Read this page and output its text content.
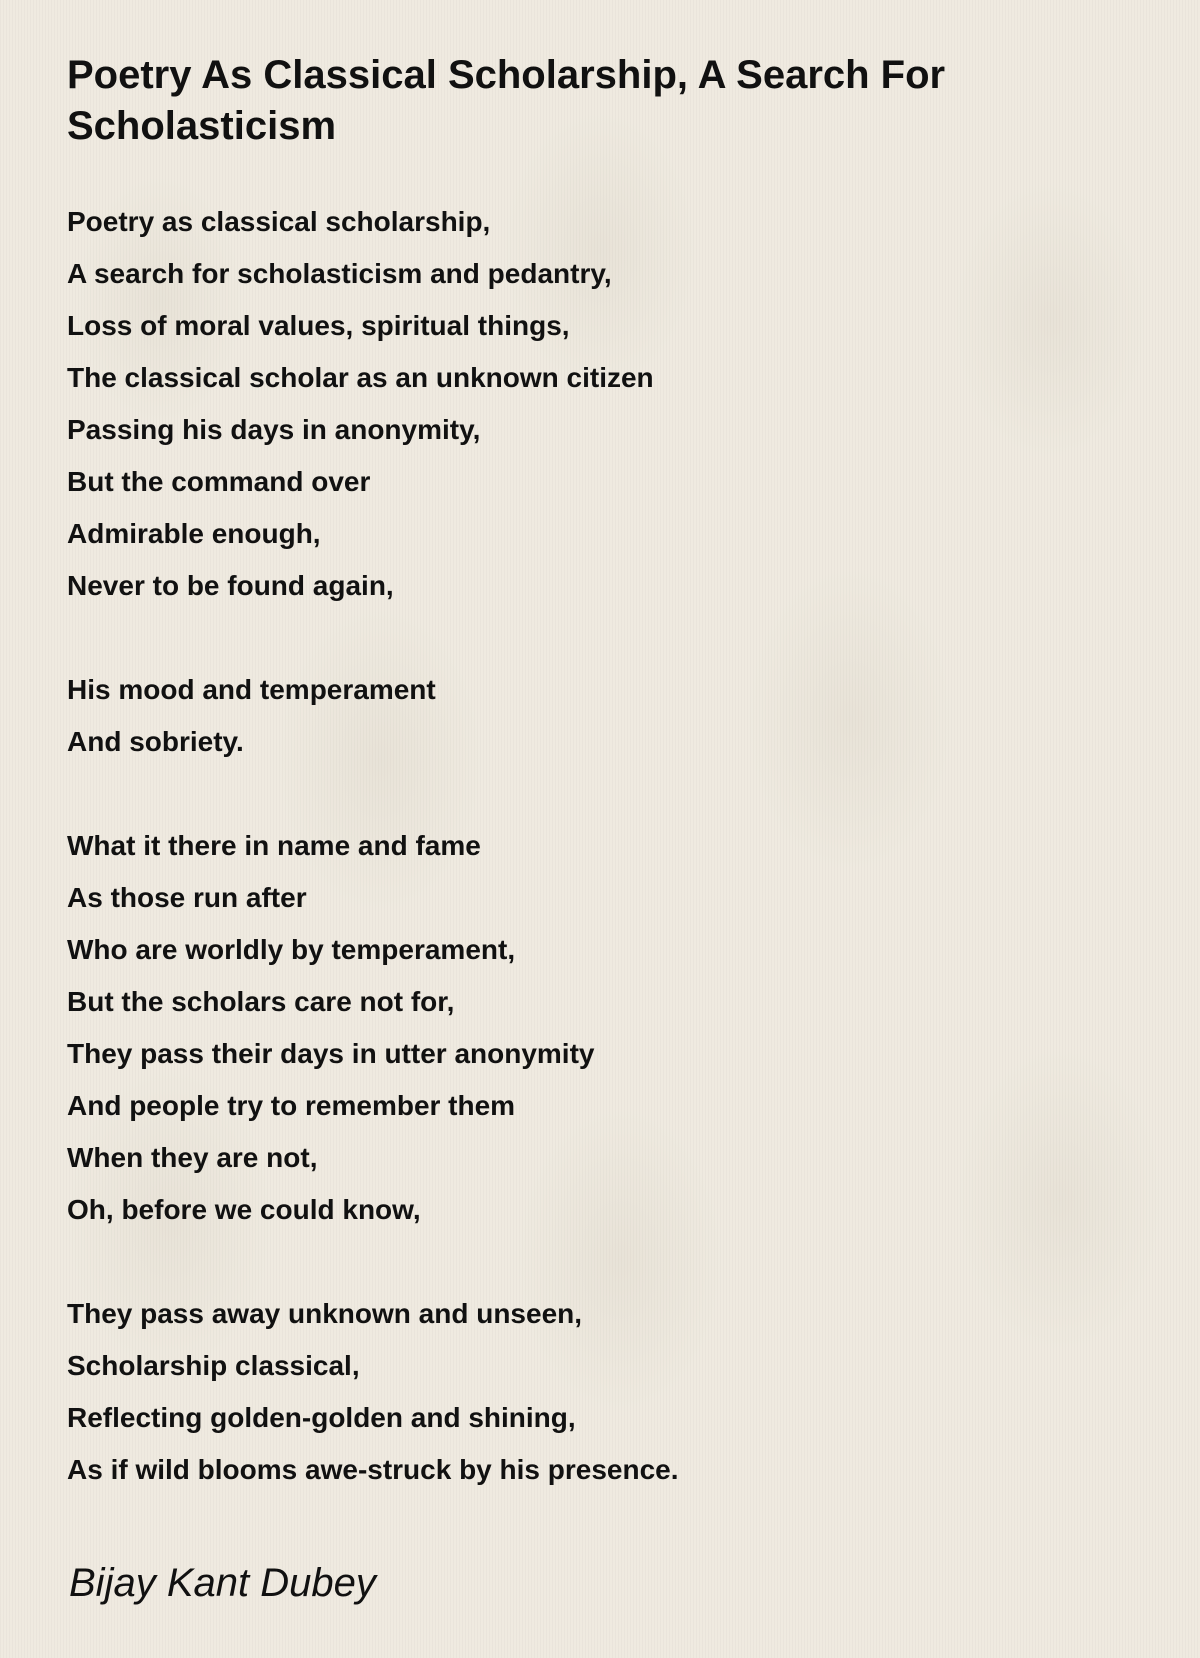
Poetry As Classical Scholarship, A Search For Scholasticism
Poetry as classical scholarship,
A search for scholasticism and pedantry,
Loss of moral values, spiritual things,
The classical scholar as an unknown citizen
Passing his days in anonymity,
But the command over
Admirable enough,
Never to be found again,
His mood and temperament
And sobriety.
What it there in name and fame
As those run after
Who are worldly by temperament,
But the scholars care not for,
They pass their days in utter anonymity
And people try to remember them
When they are not,
Oh, before we could know,
They pass away unknown and unseen,
Scholarship classical,
Reflecting golden-golden and shining,
As if wild blooms awe-struck by his presence.
Bijay Kant Dubey
